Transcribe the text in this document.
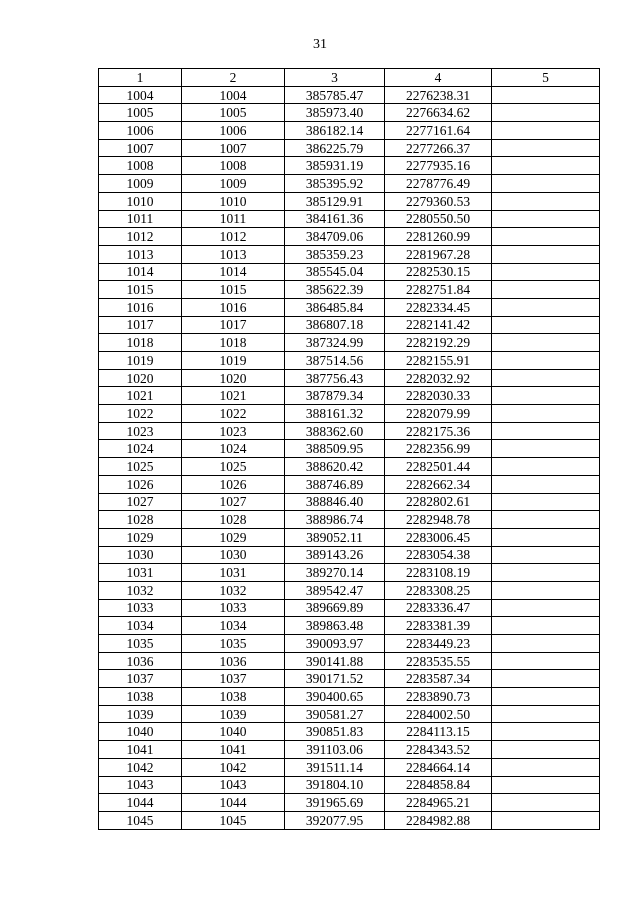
31
1	2	3	4	5
1004	1004	385785.47	2276238.31	
1005	1005	385973.40	2276634.62	
1006	1006	386182.14	2277161.64	
1007	1007	386225.79	2277266.37	
1008	1008	385931.19	2277935.16	
1009	1009	385395.92	2278776.49	
1010	1010	385129.91	2279360.53	
1011	1011	384161.36	2280550.50	
1012	1012	384709.06	2281260.99	
1013	1013	385359.23	2281967.28	
1014	1014	385545.04	2282530.15	
1015	1015	385622.39	2282751.84	
1016	1016	386485.84	2282334.45	
1017	1017	386807.18	2282141.42	
1018	1018	387324.99	2282192.29	
1019	1019	387514.56	2282155.91	
1020	1020	387756.43	2282032.92	
1021	1021	387879.34	2282030.33	
1022	1022	388161.32	2282079.99	
1023	1023	388362.60	2282175.36	
1024	1024	388509.95	2282356.99	
1025	1025	388620.42	2282501.44	
1026	1026	388746.89	2282662.34	
1027	1027	388846.40	2282802.61	
1028	1028	388986.74	2282948.78	
1029	1029	389052.11	2283006.45	
1030	1030	389143.26	2283054.38	
1031	1031	389270.14	2283108.19	
1032	1032	389542.47	2283308.25	
1033	1033	389669.89	2283336.47	
1034	1034	389863.48	2283381.39	
1035	1035	390093.97	2283449.23	
1036	1036	390141.88	2283535.55	
1037	1037	390171.52	2283587.34	
1038	1038	390400.65	2283890.73	
1039	1039	390581.27	2284002.50	
1040	1040	390851.83	2284113.15	
1041	1041	391103.06	2284343.52	
1042	1042	391511.14	2284664.14	
1043	1043	391804.10	2284858.84	
1044	1044	391965.69	2284965.21	
1045	1045	392077.95	2284982.88	
